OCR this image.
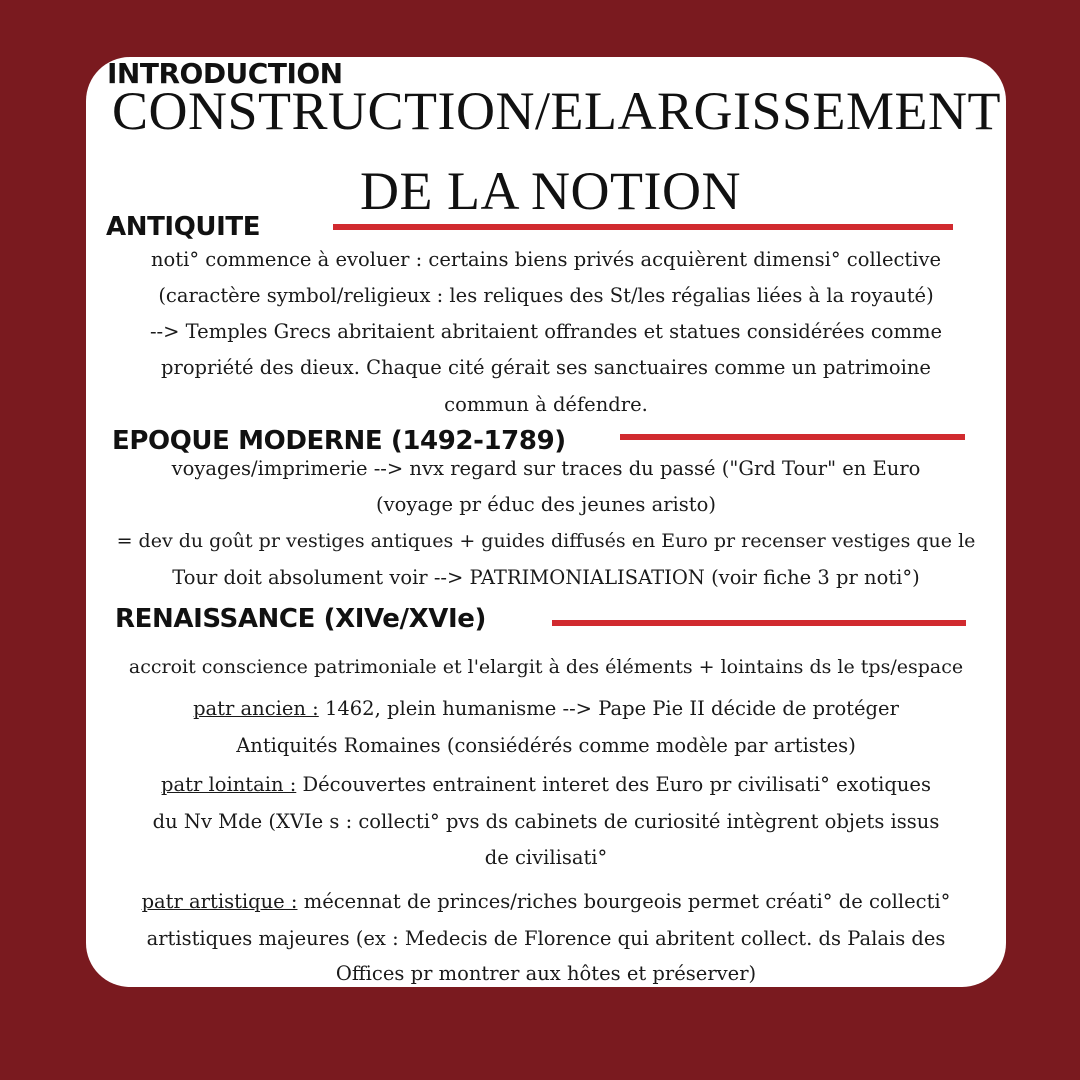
INTRODUCTION
CONSTRUCTION/ELARGISSEMENT
DE LA NOTION
ANTIQUITE
noti° commence à evoluer : certains biens privés acquièrent dimensi° collective
(caractère symbol/religieux : les reliques des St/les régalias liées à la royauté)
--> Temples Grecs abritaient abritaient offrandes et statues considérées comme
propriété des dieux. Chaque cité gérait ses sanctuaires comme un patrimoine
commun à défendre.
EPOQUE MODERNE (1492-1789)
voyages/imprimerie --> nvx regard sur traces du passé ("Grd Tour" en Euro
(voyage pr éduc des jeunes aristo)
= dev du goût pr vestiges antiques + guides diffusés en Euro pr recenser vestiges que le
Tour doit absolument voir --> PATRIMONIALISATION (voir fiche 3 pr noti°)
RENAISSANCE (XIVe/XVIe)
accroit conscience patrimoniale et l'elargit à des éléments + lointains ds le tps/espace
patr ancien : 1462, plein humanisme --> Pape Pie II décide de protéger
Antiquités Romaines (consiédérés comme modèle par artistes)
patr lointain : Découvertes entrainent interet des Euro pr civilisati° exotiques
du Nv Mde (XVIe s : collecti° pvs ds cabinets de curiosité intègrent objets issus
de civilisati°
patr artistique : mécennat de princes/riches bourgeois permet créati° de collecti°
artistiques majeures (ex : Medecis de Florence qui abritent collect. ds Palais des
Offices pr montrer aux hôtes et préserver)
